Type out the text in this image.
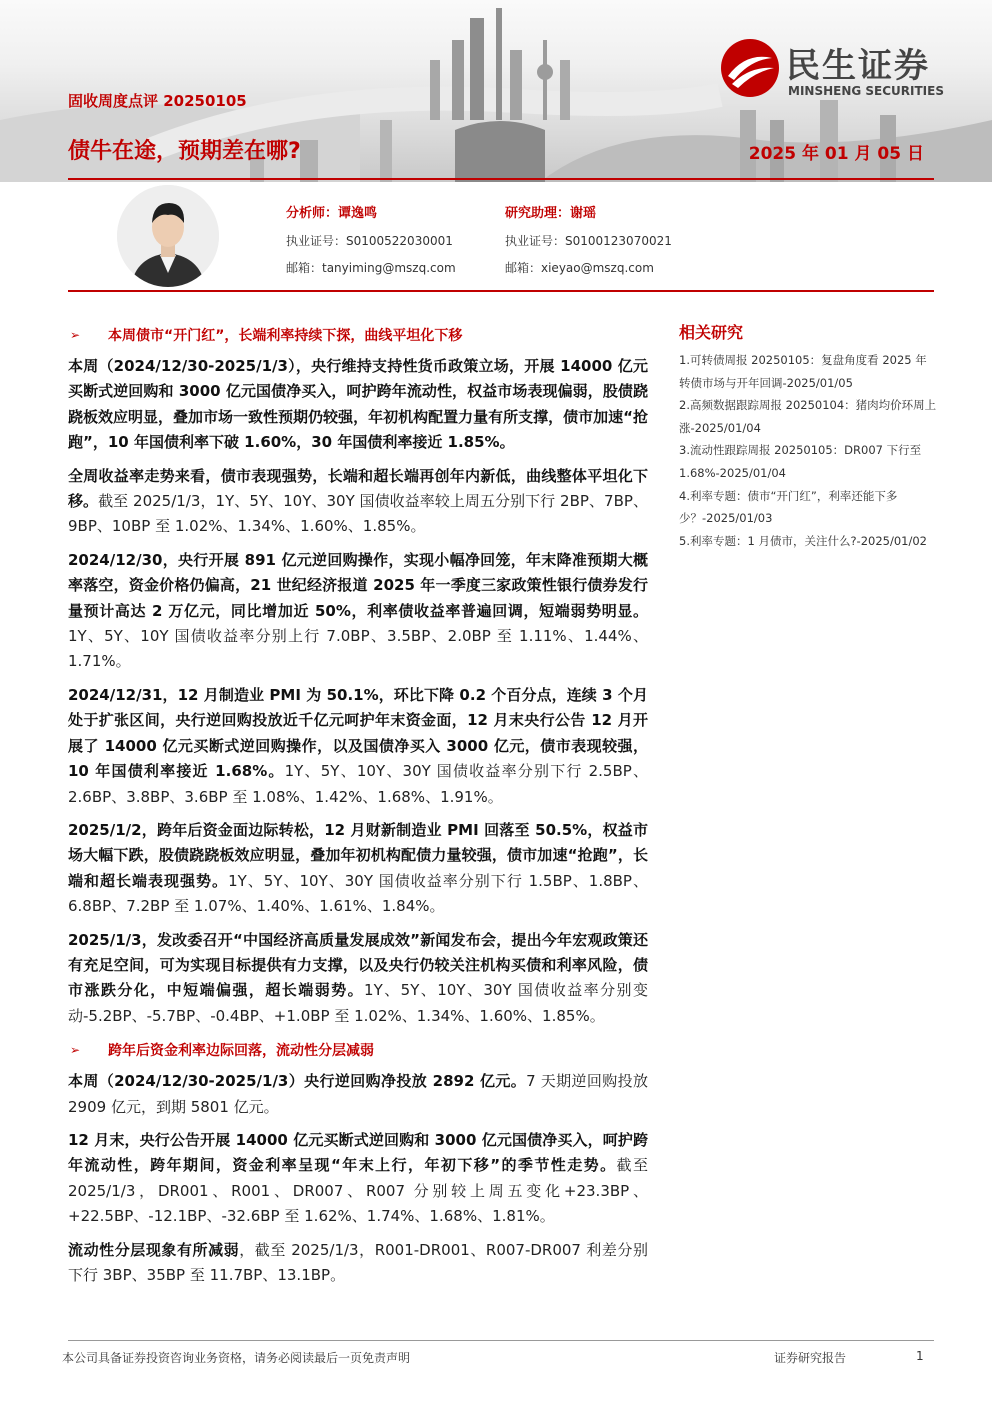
民生证券
MINSHENG SECURITIES
固收周度点评 20250105
债牛在途，预期差在哪?	2025 年 01 月 05 日
分析师：谭逸鸣
执业证号：S0100522030001
邮箱：tanyiming@mszq.com
研究助理：谢瑶
执业证号：S0100123070021
邮箱：xieyao@mszq.com
➢	本周债市“开门红”，长端利率持续下探，曲线平坦化下移

本周（2024/12/30-2025/1/3），央行维持支持性货币政策立场，开展 14000 亿元买断式逆回购和 3000 亿元国债净买入，呵护跨年流动性，权益市场表现偏弱，股债跷跷板效应明显，叠加市场一致性预期仍较强，年初机构配置力量有所支撑，债市加速“抢跑”，10 年国债利率下破 1.60%，30 年国债利率接近 1.85%。

全周收益率走势来看，债市表现强势，长端和超长端再创年内新低，曲线整体平坦化下移。截至 2025/1/3，1Y、5Y、10Y、30Y 国债收益率较上周五分别下行 2BP、7BP、9BP、10BP 至 1.02%、1.34%、1.60%、1.85%。

2024/12/30，央行开展 891 亿元逆回购操作，实现小幅净回笼，年末降准预期大概率落空，资金价格仍偏高，21 世纪经济报道 2025 年一季度三家政策性银行债券发行量预计高达 2 万亿元，同比增加近 50%，利率债收益率普遍回调，短端弱势明显。1Y、5Y、10Y 国债收益率分别上行 7.0BP、3.5BP、2.0BP 至 1.11%、1.44%、1.71%。

2024/12/31，12 月制造业 PMI 为 50.1%，环比下降 0.2 个百分点，连续 3 个月处于扩张区间，央行逆回购投放近千亿元呵护年末资金面，12 月末央行公告 12 月开展了 14000 亿元买断式逆回购操作，以及国债净买入 3000 亿元，债市表现较强，10 年国债利率接近 1.68%。1Y、5Y、10Y、30Y 国债收益率分别下行 2.5BP、2.6BP、3.8BP、3.6BP 至 1.08%、1.42%、1.68%、1.91%。

2025/1/2，跨年后资金面边际转松，12 月财新制造业 PMI 回落至 50.5%，权益市场大幅下跌，股债跷跷板效应明显，叠加年初机构配债力量较强，债市加速“抢跑”，长端和超长端表现强势。1Y、5Y、10Y、30Y 国债收益率分别下行 1.5BP、1.8BP、6.8BP、7.2BP 至 1.07%、1.40%、1.61%、1.84%。

2025/1/3，发改委召开“中国经济高质量发展成效”新闻发布会，提出今年宏观政策还有充足空间，可为实现目标提供有力支撑，以及央行仍较关注机构买债和利率风险，债市涨跌分化，中短端偏强，超长端弱势。1Y、5Y、10Y、30Y 国债收益率分别变动-5.2BP、-5.7BP、-0.4BP、+1.0BP 至 1.02%、1.34%、1.60%、1.85%。

➢	跨年后资金利率边际回落，流动性分层减弱

本周（2024/12/30-2025/1/3）央行逆回购净投放 2892 亿元。7 天期逆回购投放 2909 亿元，到期 5801 亿元。

12 月末，央行公告开展 14000 亿元买断式逆回购和 3000 亿元国债净买入，呵护跨年流动性，跨年期间，资金利率呈现“年末上行，年初下移”的季节性走势。截至 2025/1/3，DR001、R001、DR007、R007 分别较上周五变化+23.3BP、+22.5BP、-12.1BP、-32.6BP 至 1.62%、1.74%、1.68%、1.81%。

流动性分层现象有所减弱，截至 2025/1/3，R001-DR001、R007-DR007 利差分别下行 3BP、35BP 至 11.7BP、13.1BP。

相关研究
1.可转债周报 20250105：复盘角度看 2025 年转债市场与开年回调-2025/01/05
2.高频数据跟踪周报 20250104：猪肉均价环周上涨-2025/01/04
3.流动性跟踪周报 20250105：DR007 下行至 1.68%-2025/01/04
4.利率专题：债市“开门红”，利率还能下多少？-2025/01/03
5.利率专题：1 月债市，关注什么?-2025/01/02
本公司具备证券投资咨询业务资格，请务必阅读最后一页免责声明	证券研究报告	1
